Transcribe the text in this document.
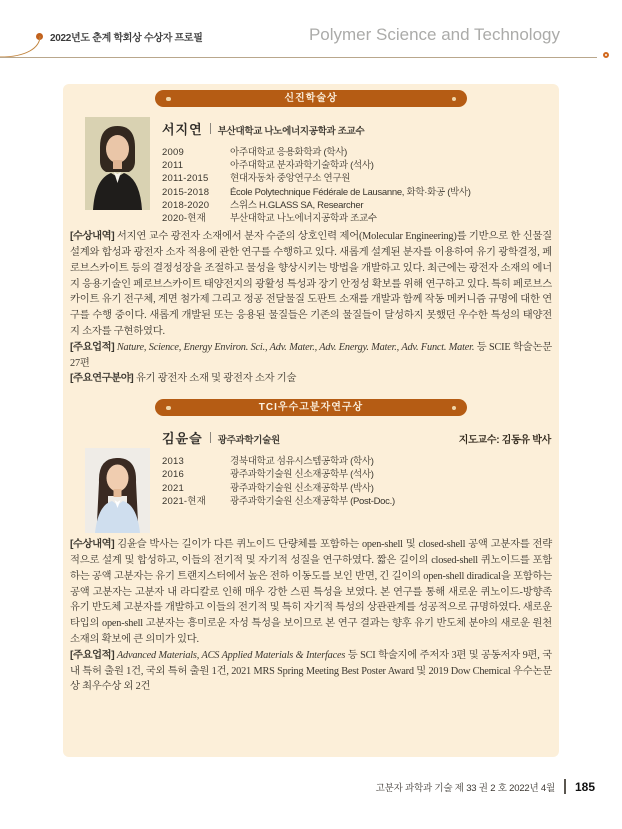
2022년도 춘계 학회상 수상자 프로필	Polymer Science and Technology
신진학술상
서지연 부산대학교 나노에너지공학과 조교수
2009	아주대학교 응용화학과 (학사)
2011	아주대학교 분자과학기술학과 (석사)
2011-2015	현대자동차 중앙연구소 연구원
2015-2018	École Polytechnique Fédérale de Lausanne, 화학·화공 (박사)
2018-2020	스위스 H.GLASS SA, Researcher
2020-현재	부산대학교 나노에너지공학과 조교수

[수상내역] 서지연 교수 광전자 소재에서 분자 수준의 상호인력 제어(Molecular Engineering)를 기반으로 한 신물질 설계와 합성과 광전자 소자 적용에 관한 연구를 수행하고 있다. 새롭게 설계된 분자를 이용하여 유기 광학결정, 페로브스카이트 등의 결정성장을 조절하고 물성을 향상시키는 방법을 개발하고 있다. 최근에는 광전자 소재의 에너지 응용기술인 페로브스카이트 태양전지의 광활성 특성과 장기 안정성 확보를 위해 연구하고 있다. 특히 페로브스카이트 유기 전구체, 계면 첨가제 그리고 정공 전달물질 도판트 소재를 개발과 함께 작동 메커니즘 규명에 대한 연구를 수행 중이다. 새롭게 개발된 또는 응용된 물질들은 기존의 물질들이 달성하지 못했던 우수한 특성의 태양전지 소자를 구현하였다.

[주요업적] Nature, Science, Energy Environ. Sci., Adv. Mater., Adv. Energy. Mater., Adv. Funct. Mater. 등 SCIE 학술논문 27편

[주요연구분야] 유기 광전자 소재 및 광전자 소자 기술

TCI우수고분자연구상
김윤슬 광주과학기술원	지도교수: 김동유 박사
2013	경북대학교 섬유시스템공학과 (학사)
2016	광주과학기술원 신소재공학부 (석사)
2021	광주과학기술원 신소재공학부 (박사)
2021-현재	광주과학기술원 신소재공학부 (Post-Doc.)

[수상내역] 김윤슬 박사는 길이가 다른 퀴노이드 단량체를 포함하는 open-shell 및 closed-shell 공액 고분자를 전략적으로 설계 및 합성하고, 이들의 전기적 및 자기적 성질을 연구하였다. 짧은 길이의 closed-shell 퀴노이드를 포함하는 공액 고분자는 유기 트랜지스터에서 높은 전하 이동도를 보인 반면, 긴 길이의 open-shell diradical을 포함하는 공액 고분자는 고분자 내 라디칼로 인해 매우 강한 스핀 특성을 보였다. 본 연구를 통해 새로운 퀴노이드-방향족 유기 반도체 고분자를 개발하고 이들의 전기적 및 특히 자기적 특성의 상관관계를 성공적으로 규명하였다. 새로운 타입의 open-shell 고분자는 흥미로운 자성 특성을 보이므로 본 연구 결과는 향후 유기 반도체 분야의 새로운 원천소재의 확보에 큰 의미가 있다.

[주요업적] Advanced Materials, ACS Applied Materials & Interfaces 등 SCI 학술지에 주저자 3편 및 공동저자 9편, 국내 특허 출원 1건, 국외 특허 출원 1건, 2021 MRS Spring Meeting Best Poster Award 및 2019 Dow Chemical 우수논문상 최우수상 외 2건

고분자 과학과 기술 제 33 권 2 호 2022년 4월 185
